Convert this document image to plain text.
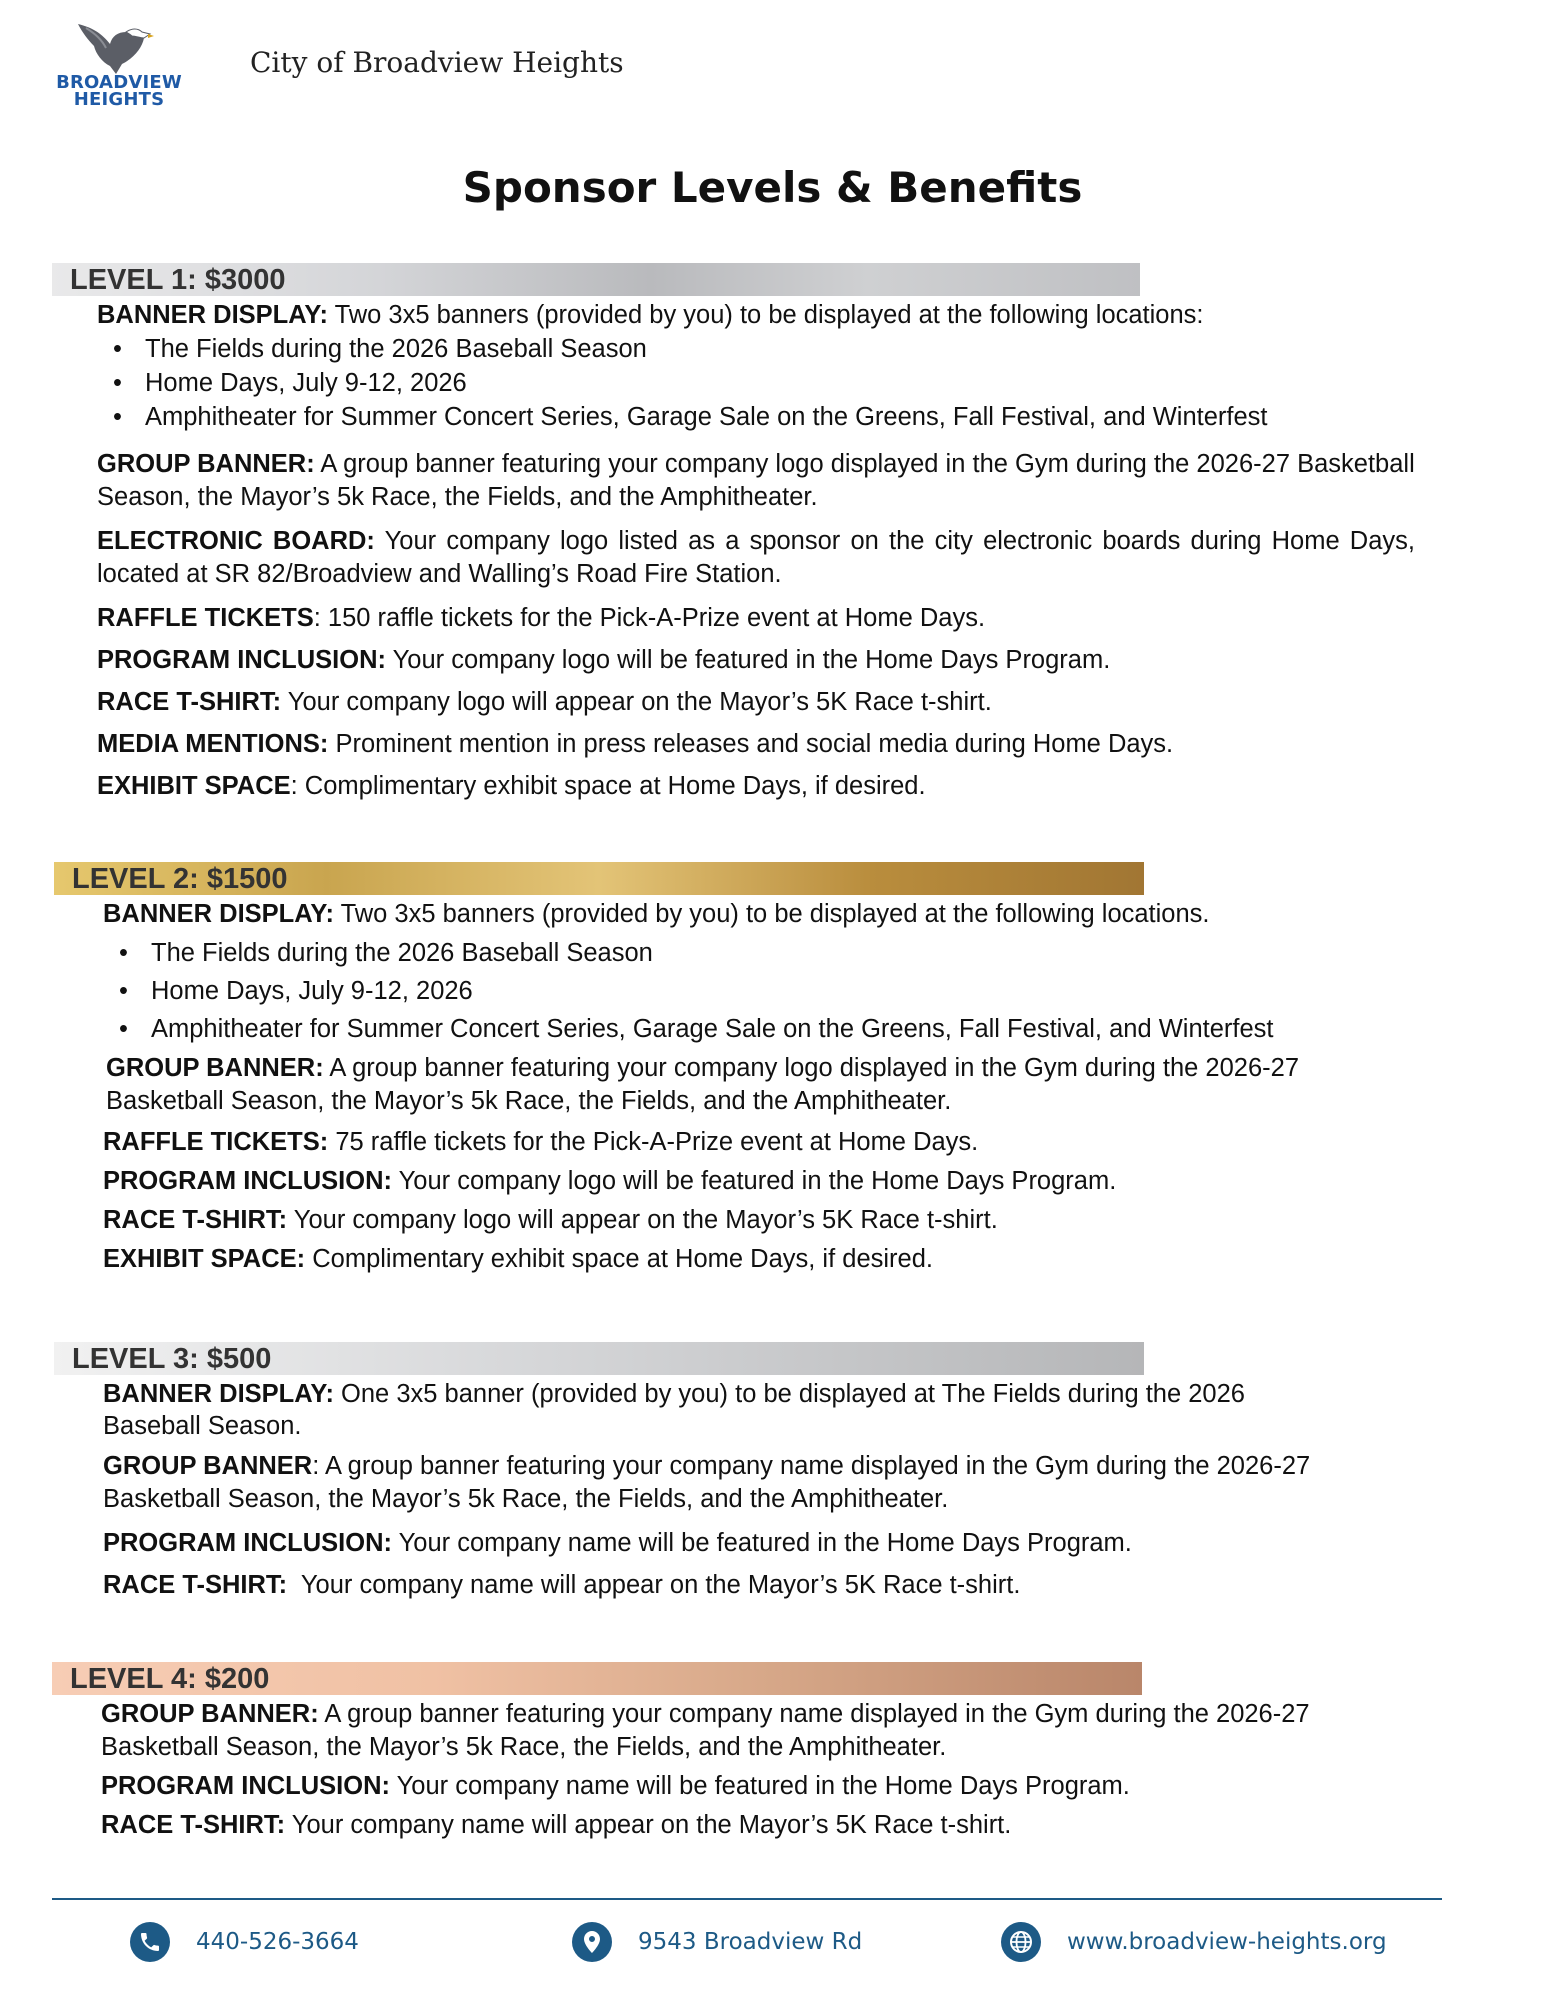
BROADVIEW
HEIGHTS
City of Broadview Heights
Sponsor Levels & Benefits
LEVEL 1: $3000

BANNER DISPLAY: Two 3x5 banners (provided by you) to be displayed at the following locations:

• The Fields during the 2026 Baseball Season
• Home Days, July 9-12, 2026
• Amphitheater for Summer Concert Series, Garage Sale on the Greens, Fall Festival, and Winterfest

GROUP BANNER: A group banner featuring your company logo displayed in the Gym during the 2026-27 Basketball Season, the Mayor’s 5k Race, the Fields, and the Amphitheater.

ELECTRONIC BOARD: Your company logo listed as a sponsor on the city electronic boards during Home Days, located at SR 82/Broadview and Walling’s Road Fire Station.

RAFFLE TICKETS: 150 raffle tickets for the Pick-A-Prize event at Home Days.

PROGRAM INCLUSION: Your company logo will be featured in the Home Days Program.

RACE T-SHIRT: Your company logo will appear on the Mayor’s 5K Race t-shirt.

MEDIA MENTIONS: Prominent mention in press releases and social media during Home Days.

EXHIBIT SPACE: Complimentary exhibit space at Home Days, if desired.

LEVEL 2: $1500

BANNER DISPLAY: Two 3x5 banners (provided by you) to be displayed at the following locations.

• The Fields during the 2026 Baseball Season
• Home Days, July 9-12, 2026
• Amphitheater for Summer Concert Series, Garage Sale on the Greens, Fall Festival, and Winterfest

GROUP BANNER: A group banner featuring your company logo displayed in the Gym during the 2026-27 Basketball Season, the Mayor’s 5k Race, the Fields, and the Amphitheater.

RAFFLE TICKETS: 75 raffle tickets for the Pick-A-Prize event at Home Days.

PROGRAM INCLUSION: Your company logo will be featured in the Home Days Program.

RACE T-SHIRT: Your company logo will appear on the Mayor’s 5K Race t-shirt.

EXHIBIT SPACE: Complimentary exhibit space at Home Days, if desired.

LEVEL 3: $500

BANNER DISPLAY: One 3x5 banner (provided by you) to be displayed at The Fields during the 2026 Baseball Season.

GROUP BANNER: A group banner featuring your company name displayed in the Gym during the 2026-27 Basketball Season, the Mayor’s 5k Race, the Fields, and the Amphitheater.

PROGRAM INCLUSION: Your company name will be featured in the Home Days Program.

RACE T-SHIRT:  Your company name will appear on the Mayor’s 5K Race t-shirt.

LEVEL 4: $200

GROUP BANNER: A group banner featuring your company name displayed in the Gym during the 2026-27 Basketball Season, the Mayor’s 5k Race, the Fields, and the Amphitheater.

PROGRAM INCLUSION: Your company name will be featured in the Home Days Program.

RACE T-SHIRT: Your company name will appear on the Mayor’s 5K Race t-shirt.

440-526-3664	9543 Broadview Rd	www.broadview-heights.org
